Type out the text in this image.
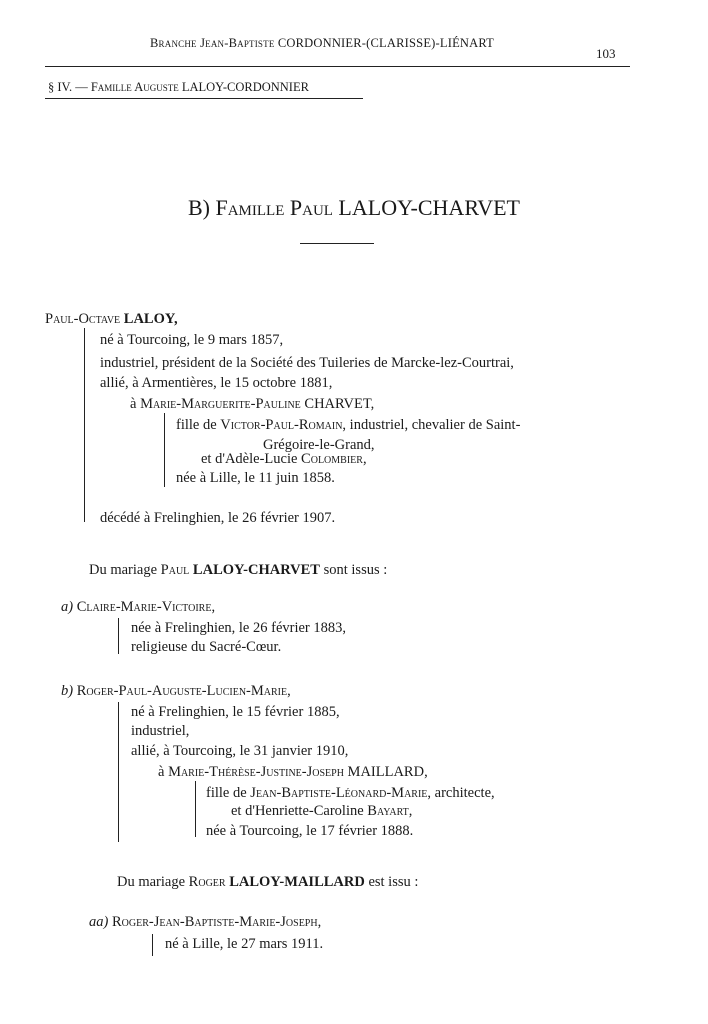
Branche Jean-Baptiste CORDONNIER-(CLARISSE)-LIÉNART
103
§ IV. — Famille Auguste LALOY-CORDONNIER
B) Famille Paul LALOY-CHARVET
Paul-Octave LALOY,
né à Tourcoing, le 9 mars 1857,
industriel, président de la Société des Tuileries de Marcke-lez-Courtrai,
allié, à Armentières, le 15 octobre 1881,
à Marie-Marguerite-Pauline CHARVET,
fille de Victor-Paul-Romain, industriel, chevalier de Saint-
Grégoire-le-Grand,
et d'Adèle-Lucie Colombier,
née à Lille, le 11 juin 1858.
décédé à Frelinghien, le 26 février 1907.
Du mariage Paul LALOY-CHARVET sont issus :
a) Claire-Marie-Victoire,
née à Frelinghien, le 26 février 1883,
religieuse du Sacré-Cœur.
b) Roger-Paul-Auguste-Lucien-Marie,
né à Frelinghien, le 15 février 1885,
industriel,
allié, à Tourcoing, le 31 janvier 1910,
à Marie-Thérèse-Justine-Joseph MAILLARD,
fille de Jean-Baptiste-Léonard-Marie, architecte,
et d'Henriette-Caroline Bayart,
née à Tourcoing, le 17 février 1888.
Du mariage Roger LALOY-MAILLARD est issu :
aa) Roger-Jean-Baptiste-Marie-Joseph,
né à Lille, le 27 mars 1911.
